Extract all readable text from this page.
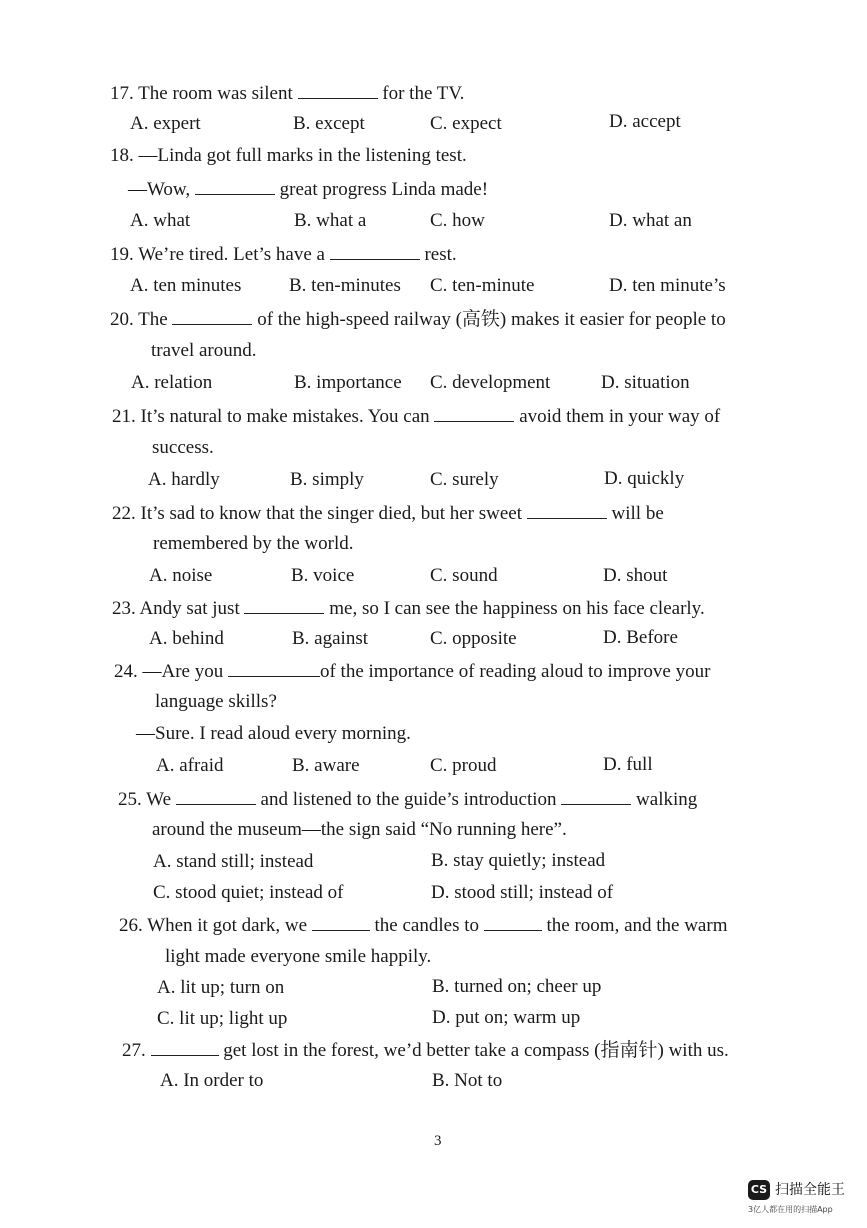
17. The room was silent	for the TV.
A. expert	B. except	C. expect	D. accept
18. —Linda got full marks in the listening test.
—Wow,	great progress Linda made!
A. what	B. what a	C. how	D. what an
19. We’re tired. Let’s have a	rest.
A. ten minutes	B. ten-minutes C. ten-minute	D. ten minute’s
20. The	of the high-speed railway (高铁) makes it easier for people to
travel around.
A. relation	B. importance C. development	D. situation
21. It’s natural to make mistakes. You can	avoid them in your way of
success.
A. hardly	B. simply	C. surely	D. quickly
22. It’s sad to know that the singer died, but her sweet	will be
remembered by the world.
A. noise	B. voice	C. sound	D. shout
23. Andy sat just	me, so I can see the happiness on his face clearly.
A. behind	B. against	C. opposite	D. Before
24. —Are you	of the importance of reading aloud to improve your
language skills?
—Sure. I read aloud every morning.
A. afraid	B. aware	C. proud	D. full
25. We	and listened to the guide’s introduction	walking
around the museum—the sign said “No running here”.
A. stand still; instead	B. stay quietly; instead
C. stood quiet; instead of	D. stood still; instead of
26. When it got dark, we	the candles to	the room, and the warm
light made everyone smile happily.
A. lit up; turn on	B. turned on; cheer up
C. lit up; light up	D. put on; warm up
27.	get lost in the forest, we’d better take a compass (指南针) with us.
A. In order to	B. Not to
3
CS 扫描全能王
3亿人都在用的扫描App
